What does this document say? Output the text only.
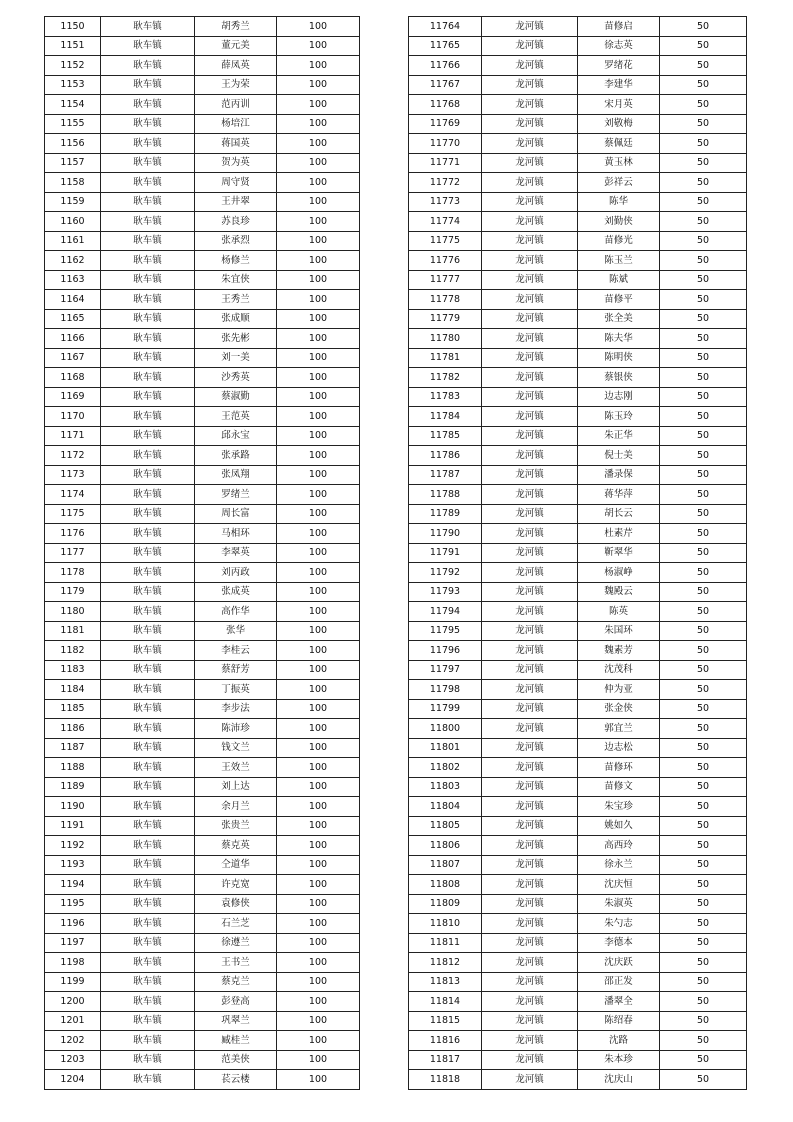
1150	耿车镇	胡秀兰	100
1151	耿车镇	董元美	100
1152	耿车镇	薛凤英	100
1153	耿车镇	王为荣	100
1154	耿车镇	范丙训	100
1155	耿车镇	杨培江	100
1156	耿车镇	蒋国英	100
1157	耿车镇	贺为英	100
1158	耿车镇	周守贤	100
1159	耿车镇	王井翠	100
1160	耿车镇	苏良珍	100
1161	耿车镇	张承烈	100
1162	耿车镇	杨修兰	100
1163	耿车镇	朱宜侠	100
1164	耿车镇	王秀兰	100
1165	耿车镇	张成顺	100
1166	耿车镇	张先彬	100
1167	耿车镇	刘一美	100
1168	耿车镇	沙秀英	100
1169	耿车镇	蔡淑勤	100
1170	耿车镇	王范英	100
1171	耿车镇	邱永宝	100
1172	耿车镇	张承路	100
1173	耿车镇	张凤翔	100
1174	耿车镇	罗绪兰	100
1175	耿车镇	周长富	100
1176	耿车镇	马相环	100
1177	耿车镇	李翠英	100
1178	耿车镇	刘丙政	100
1179	耿车镇	张成英	100
1180	耿车镇	高作华	100
1181	耿车镇	张华	100
1182	耿车镇	李桂云	100
1183	耿车镇	蔡舒芳	100
1184	耿车镇	丁振英	100
1185	耿车镇	李步法	100
1186	耿车镇	陈沛珍	100
1187	耿车镇	钱文兰	100
1188	耿车镇	王效兰	100
1189	耿车镇	刘上达	100
1190	耿车镇	余月兰	100
1191	耿车镇	张贵兰	100
1192	耿车镇	蔡克英	100
1193	耿车镇	仝道华	100
1194	耿车镇	许克宽	100
1195	耿车镇	袁修侠	100
1196	耿车镇	石兰芝	100
1197	耿车镇	徐遵兰	100
1198	耿车镇	王书兰	100
1199	耿车镇	蔡克兰	100
1200	耿车镇	彭登高	100
1201	耿车镇	巩翠兰	100
1202	耿车镇	臧桂兰	100
1203	耿车镇	范美侠	100
1204	耿车镇	苌云楼	100
11764	龙河镇	苗修启	50
11765	龙河镇	徐志英	50
11766	龙河镇	罗绪花	50
11767	龙河镇	李建华	50
11768	龙河镇	宋月英	50
11769	龙河镇	刘敬梅	50
11770	龙河镇	蔡佩廷	50
11771	龙河镇	黄玉林	50
11772	龙河镇	彭祥云	50
11773	龙河镇	陈华	50
11774	龙河镇	刘勤侠	50
11775	龙河镇	苗修光	50
11776	龙河镇	陈玉兰	50
11777	龙河镇	陈斌	50
11778	龙河镇	苗修平	50
11779	龙河镇	张全美	50
11780	龙河镇	陈夫华	50
11781	龙河镇	陈明侠	50
11782	龙河镇	蔡银侠	50
11783	龙河镇	边志刚	50
11784	龙河镇	陈玉玲	50
11785	龙河镇	朱正华	50
11786	龙河镇	倪士美	50
11787	龙河镇	潘录保	50
11788	龙河镇	蒋华萍	50
11789	龙河镇	胡长云	50
11790	龙河镇	杜素芹	50
11791	龙河镇	靳翠华	50
11792	龙河镇	杨淑峥	50
11793	龙河镇	魏殿云	50
11794	龙河镇	陈英	50
11795	龙河镇	朱国环	50
11796	龙河镇	魏素芳	50
11797	龙河镇	沈茂科	50
11798	龙河镇	仲为亚	50
11799	龙河镇	张金侠	50
11800	龙河镇	郭宜兰	50
11801	龙河镇	边志松	50
11802	龙河镇	苗修环	50
11803	龙河镇	苗修文	50
11804	龙河镇	朱宝珍	50
11805	龙河镇	姚如久	50
11806	龙河镇	高西玲	50
11807	龙河镇	徐永兰	50
11808	龙河镇	沈庆恒	50
11809	龙河镇	朱淑英	50
11810	龙河镇	朱勺志	50
11811	龙河镇	李德本	50
11812	龙河镇	沈庆跃	50
11813	龙河镇	邵正发	50
11814	龙河镇	潘翠全	50
11815	龙河镇	陈绍春	50
11816	龙河镇	沈路	50
11817	龙河镇	朱本珍	50
11818	龙河镇	沈庆山	50
